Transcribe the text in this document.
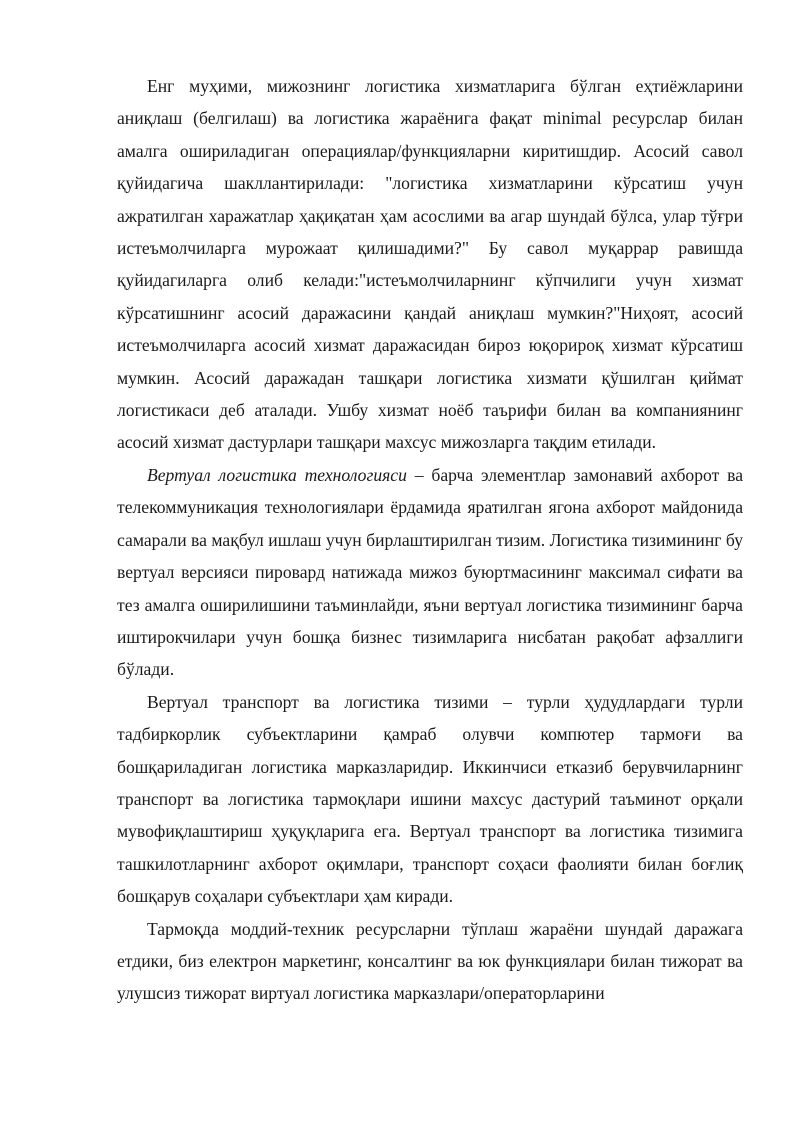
Енг муҳими, мижознинг логистика хизматларига бўлган еҳтиёжларини аниқлаш (белгилаш) ва логистика жараёнига фақат minimal ресурслар билан амалга ошириладиган операциялар/функцияларни киритишдир. Асосий савол қуйидагича шакллантирилади: "логистика хизматларини кўрсатиш учун ажратилган харажатлар ҳақиқатан ҳам асослими ва агар шундай бўлса, улар тўғри истеъмолчиларга мурожаат қилишадими?" Бу савол муқаррар равишда қуйидагиларга олиб келади:"истеъмолчиларнинг кўпчилиги учун хизмат кўрсатишнинг асосий даражасини қандай аниқлаш мумкин?"Ниҳоят, асосий истеъмолчиларга асосий хизмат даражасидан бироз юқорироқ хизмат кўрсатиш мумкин. Асосий даражадан ташқари логистика хизмати қўшилган қиймат логистикаси деб аталади. Ушбу хизмат ноёб таърифи билан ва компаниянинг асосий хизмат дастурлари ташқари махсус мижозларга тақдим етилади.

Вертуал логистика технологияси – барча элементлар замонавий ахборот ва телекоммуникация технологиялари ёрдамида яратилган ягона ахборот майдонида самарали ва мақбул ишлаш учун бирлаштирилган тизим. Логистика тизимининг бу вертуал версияси пировард натижада мижоз буюртмасининг максимал сифати ва тез амалга оширилишини таъминлайди, яъни вертуал логистика тизимининг барча иштирокчилари учун бошқа бизнес тизимларига нисбатан рақобат афзаллиги бўлади.

Вертуал транспорт ва логистика тизими – турли ҳудудлардаги турли тадбиркорлик субъектларини қамраб олувчи компютер тармоғи ва бошқариладиган логистика марказларидир. Иккинчиси етказиб берувчиларнинг транспорт ва логистика тармоқлари ишини махсус дастурий таъминот орқали мувофиқлаштириш ҳуқуқларига ега. Вертуал транспорт ва логистика тизимига ташкилотларнинг ахборот оқимлари, транспорт соҳаси фаолияти билан боғлиқ бошқарув соҳалари субъектлари ҳам киради.

Тармоқда моддий-техник ресурсларни тўплаш жараёни шундай даражага етдики, биз електрон маркетинг, консалтинг ва юк функциялари билан тижорат ва улушсиз тижорат виртуал логистика марказлари/операторларини
